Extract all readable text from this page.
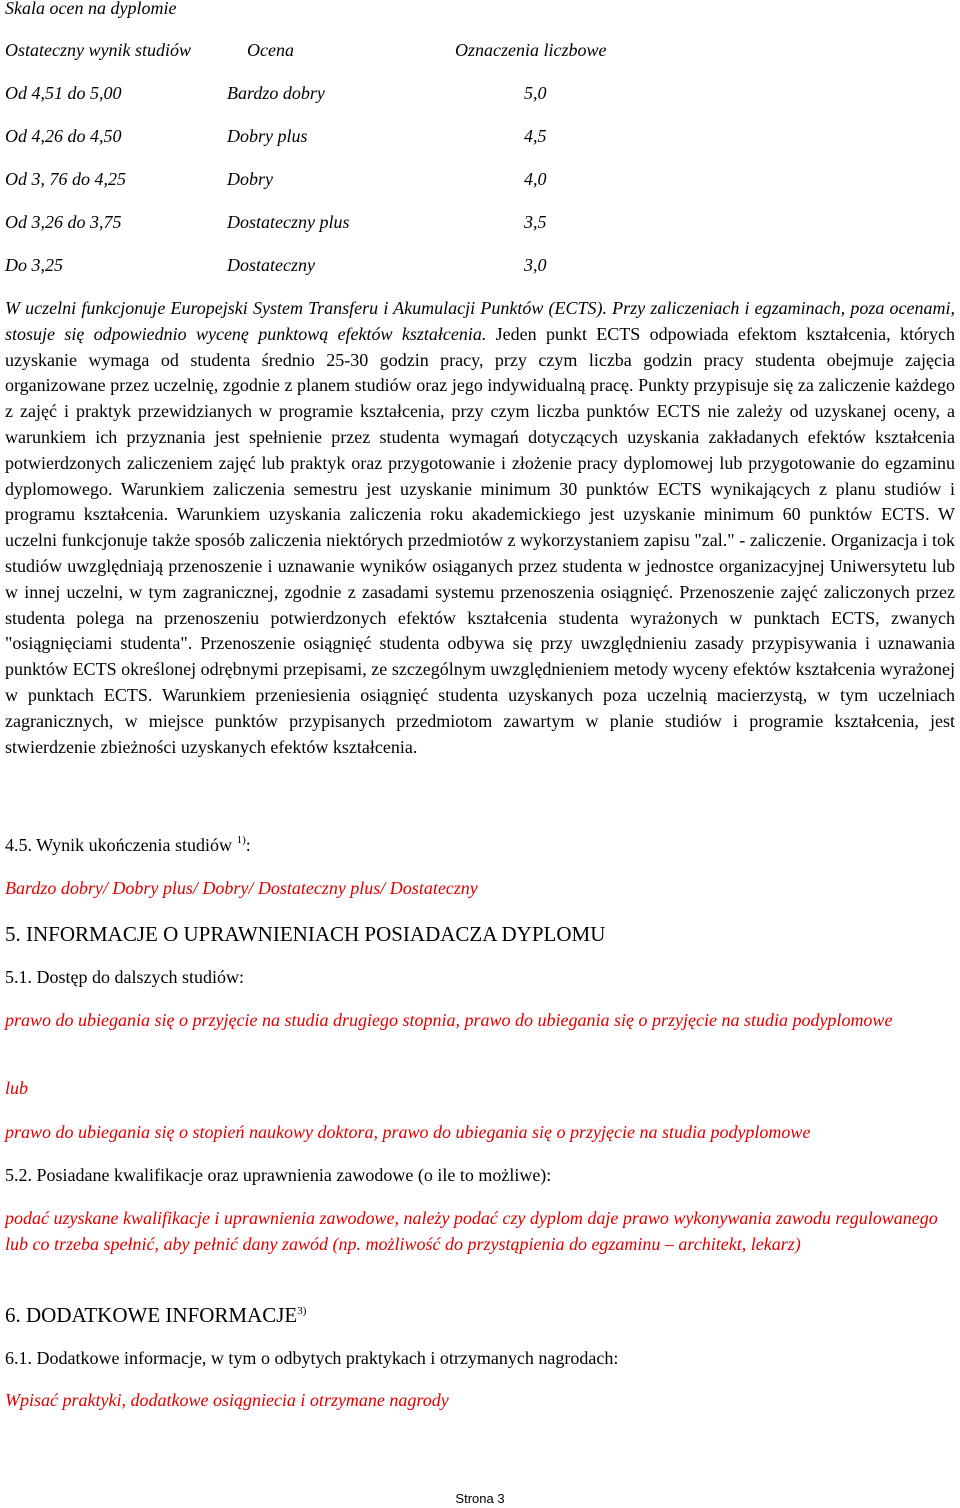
Skala ocen na dyplomie
Ostateczny wynik studiów	Ocena	Oznaczenia liczbowe
Od 4,51 do 5,00	Bardzo dobry	5,0
Od 4,26 do 4,50	Dobry plus	4,5
Od 3, 76 do 4,25	Dobry	4,0
Od 3,26 do 3,75	Dostateczny plus	3,5
Do 3,25	Dostateczny	3,0
W uczelni funkcjonuje Europejski System Transferu i Akumulacji Punktów (ECTS). Przy zaliczeniach i egzaminach, poza ocenami, stosuje się odpowiednio wycenę punktową efektów kształcenia. Jeden punkt ECTS odpowiada efektom kształcenia, których uzyskanie wymaga od studenta średnio 25-30 godzin pracy, przy czym liczba godzin pracy studenta obejmuje zajęcia organizowane przez uczelnię, zgodnie z planem studiów oraz jego indywidualną pracę. Punkty przypisuje się za zaliczenie każdego z zajęć i praktyk przewidzianych w programie kształcenia, przy czym liczba punktów ECTS nie zależy od uzyskanej oceny, a warunkiem ich przyznania jest spełnienie przez studenta wymagań dotyczących uzyskania zakładanych efektów kształcenia potwierdzonych zaliczeniem zajęć lub praktyk oraz przygotowanie i złożenie pracy dyplomowej lub przygotowanie do egzaminu dyplomowego. Warunkiem zaliczenia semestru jest uzyskanie minimum 30 punktów ECTS wynikających z planu studiów i programu kształcenia. Warunkiem uzyskania zaliczenia roku akademickiego jest uzyskanie minimum 60 punktów ECTS. W uczelni funkcjonuje także sposób zaliczenia niektórych przedmiotów z wykorzystaniem zapisu "zal." - zaliczenie. Organizacja i tok studiów uwzględniają przenoszenie i uznawanie wyników osiąganych przez studenta w jednostce organizacyjnej Uniwersytetu lub w innej uczelni, w tym zagranicznej, zgodnie z zasadami systemu przenoszenia osiągnięć. Przenoszenie zajęć zaliczonych przez studenta polega na przenoszeniu potwierdzonych efektów kształcenia studenta wyrażonych w punktach ECTS, zwanych "osiągnięciami studenta". Przenoszenie osiągnięć studenta odbywa się przy uwzględnieniu zasady przypisywania i uznawania punktów ECTS określonej odrębnymi przepisami, ze szczególnym uwzględnieniem metody wyceny efektów kształcenia wyrażonej w punktach ECTS. Warunkiem przeniesienia osiągnięć studenta uzyskanych poza uczelnią macierzystą, w tym uczelniach zagranicznych, w miejsce punktów przypisanych przedmiotom zawartym w planie studiów i programie kształcenia, jest stwierdzenie zbieżności uzyskanych efektów kształcenia.
4.5. Wynik ukończenia studiów $^{1)}$:
Bardzo dobry/ Dobry plus/ Dobry/ Dostateczny plus/ Dostateczny
5. INFORMACJE O UPRAWNIENIACH POSIADACZA DYPLOMU
5.1. Dostęp do dalszych studiów:
prawo do ubiegania się o przyjęcie na studia drugiego stopnia, prawo do ubiegania się o przyjęcie na studia podyplomowe
lub
prawo do ubiegania się o stopień naukowy doktora, prawo do ubiegania się o przyjęcie na studia podyplomowe
5.2. Posiadane kwalifikacje oraz uprawnienia zawodowe (o ile to możliwe):
podać uzyskane kwalifikacje i uprawnienia zawodowe, należy podać czy dyplom daje prawo wykonywania zawodu regulowanego lub co trzeba spełnić, aby pełnić dany zawód (np. możliwość do przystąpienia do egzaminu – architekt, lekarz)
6. DODATKOWE INFORMACJE$^{3)}$
6.1. Dodatkowe informacje, w tym o odbytych praktykach i otrzymanych nagrodach:
Wpisać praktyki, dodatkowe osiągniecia i otrzymane nagrody
Strona 3
